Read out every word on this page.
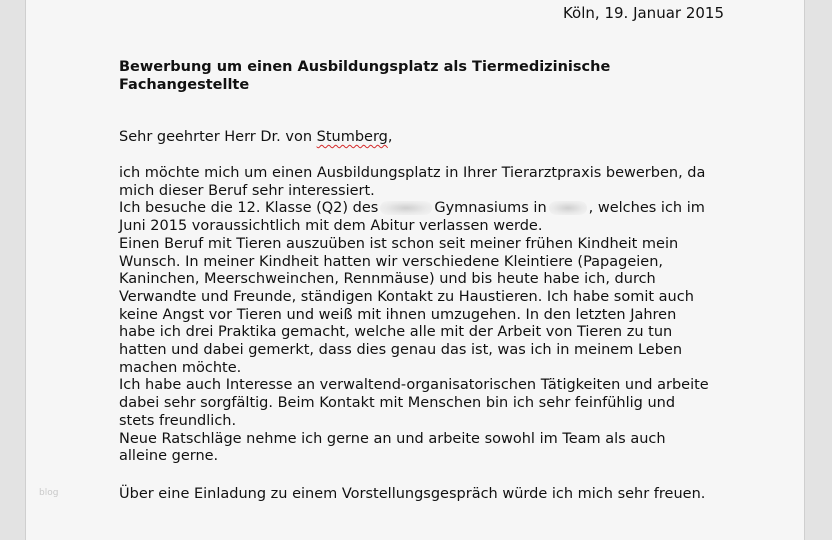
Köln, 19. Januar 2015
Bewerbung um einen Ausbildungsplatz als Tiermedizinische
Fachangestellte
Sehr geehrter Herr Dr. von Stumberg,
ich möchte mich um einen Ausbildungsplatz in Ihrer Tierarztpraxis bewerben, da
mich dieser Beruf sehr interessiert.
Ich besuche die 12. Klasse (Q2) des	Gymnasiums in	, welches ich im
Juni 2015 voraussichtlich mit dem Abitur verlassen werde.
Einen Beruf mit Tieren auszuüben ist schon seit meiner frühen Kindheit mein
Wunsch. In meiner Kindheit hatten wir verschiedene Kleintiere (Papageien,
Kaninchen, Meerschweinchen, Rennmäuse) und bis heute habe ich, durch
Verwandte und Freunde, ständigen Kontakt zu Haustieren. Ich habe somit auch
keine Angst vor Tieren und weiß mit ihnen umzugehen. In den letzten Jahren
habe ich drei Praktika gemacht, welche alle mit der Arbeit von Tieren zu tun
hatten und dabei gemerkt, dass dies genau das ist, was ich in meinem Leben
machen möchte.
Ich habe auch Interesse an verwaltend-organisatorischen Tätigkeiten und arbeite
dabei sehr sorgfältig. Beim Kontakt mit Menschen bin ich sehr feinfühlig und
stets freundlich.
Neue Ratschläge nehme ich gerne an und arbeite sowohl im Team als auch
alleine gerne.
Über eine Einladung zu einem Vorstellungsgespräch würde ich mich sehr freuen.
blog
